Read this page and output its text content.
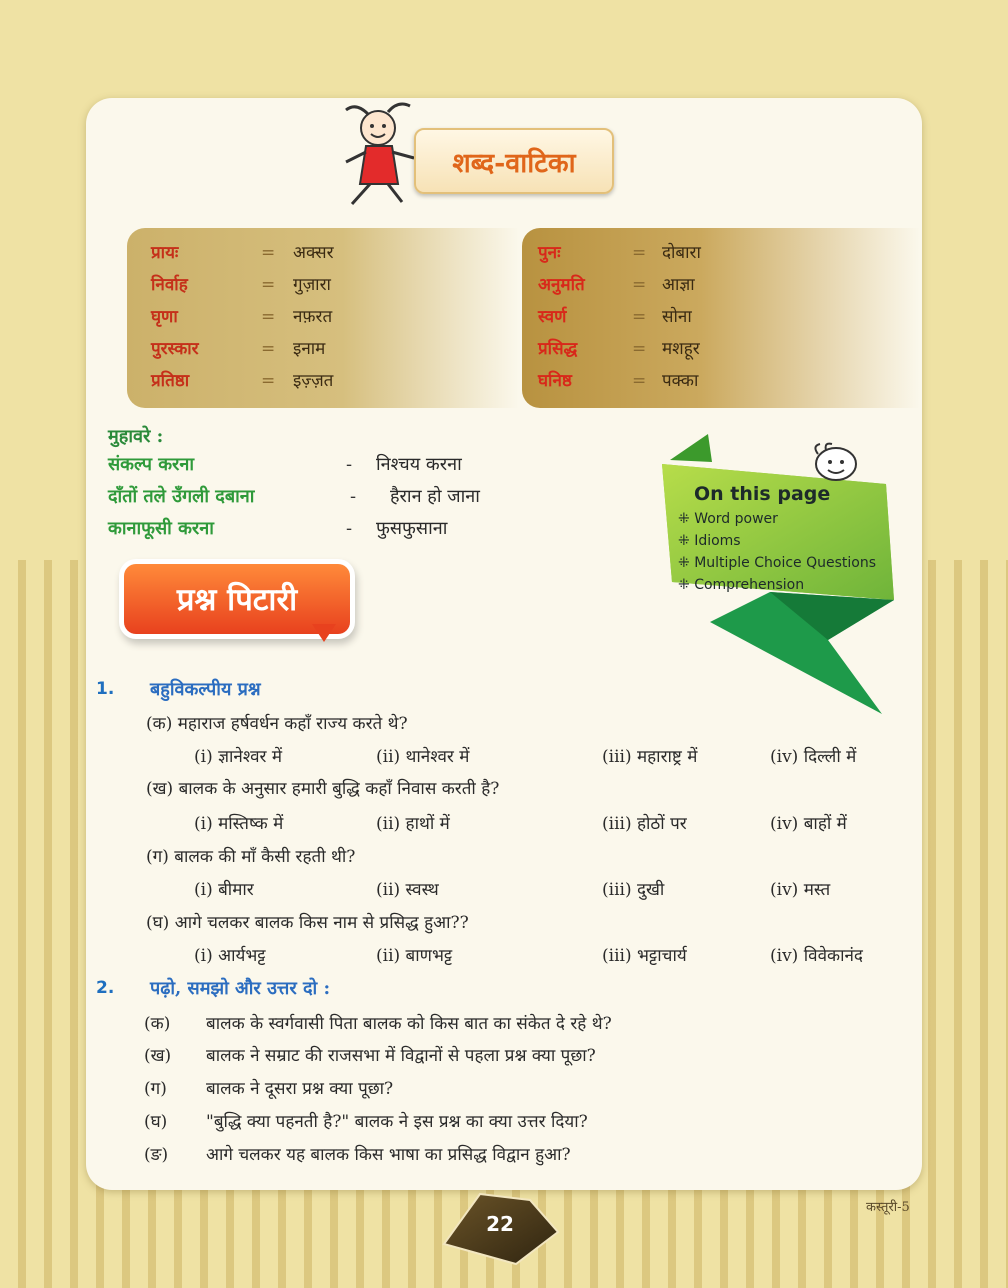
शब्द-वाटिका
प्रायः	= अक्सर
निर्वाह	= गुज़ारा
घृणा	= नफ़रत
पुरस्कार	= इनाम
प्रतिष्ठा	= इज़्ज़त
पुनः	= दोबारा
अनुमति	= आज्ञा
स्वर्ण	= सोना
प्रसिद्ध	= मशहूर
घनिष्ठ	= पक्का
मुहावरे :
संकल्प करना	- निश्चय करना
दाँतों तले उँगली दबाना	- हैरान हो जाना
कानाफूसी करना	- फुसफुसाना
On this page
⁜ Word power
⁜ Idioms
⁜ Multiple Choice Questions
⁜ Comprehension
प्रश्न पिटारी
1. बहुविकल्पीय प्रश्न
(क) महाराज हर्षवर्धन कहाँ राज्य करते थे?
(i) ज्ञानेश्वर में	(ii) थानेश्वर में	(iii) महाराष्ट्र में	(iv) दिल्ली में
(ख) बालक के अनुसार हमारी बुद्धि कहाँ निवास करती है?
(i) मस्तिष्क में	(ii) हाथों में	(iii) होठों पर	(iv) बाहों में
(ग) बालक की माँ कैसी रहती थी?
(i) बीमार	(ii) स्वस्थ	(iii) दुखी	(iv) मस्त
(घ) आगे चलकर बालक किस नाम से प्रसिद्ध हुआ??
(i) आर्यभट्ट	(ii) बाणभट्ट	(iii) भट्टाचार्य	(iv) विवेकानंद
2. पढ़ो, समझो और उत्तर दो :
(क) बालक के स्वर्गवासी पिता बालक को किस बात का संकेत दे रहे थे?
(ख) बालक ने सम्राट की राजसभा में विद्वानों से पहला प्रश्न क्या पूछा?
(ग) बालक ने दूसरा प्रश्न क्या पूछा?
(घ) "बुद्धि क्या पहनती है?" बालक ने इस प्रश्न का क्या उत्तर दिया?
(ङ) आगे चलकर यह बालक किस भाषा का प्रसिद्ध विद्वान हुआ?
22
कस्तूरी-5
